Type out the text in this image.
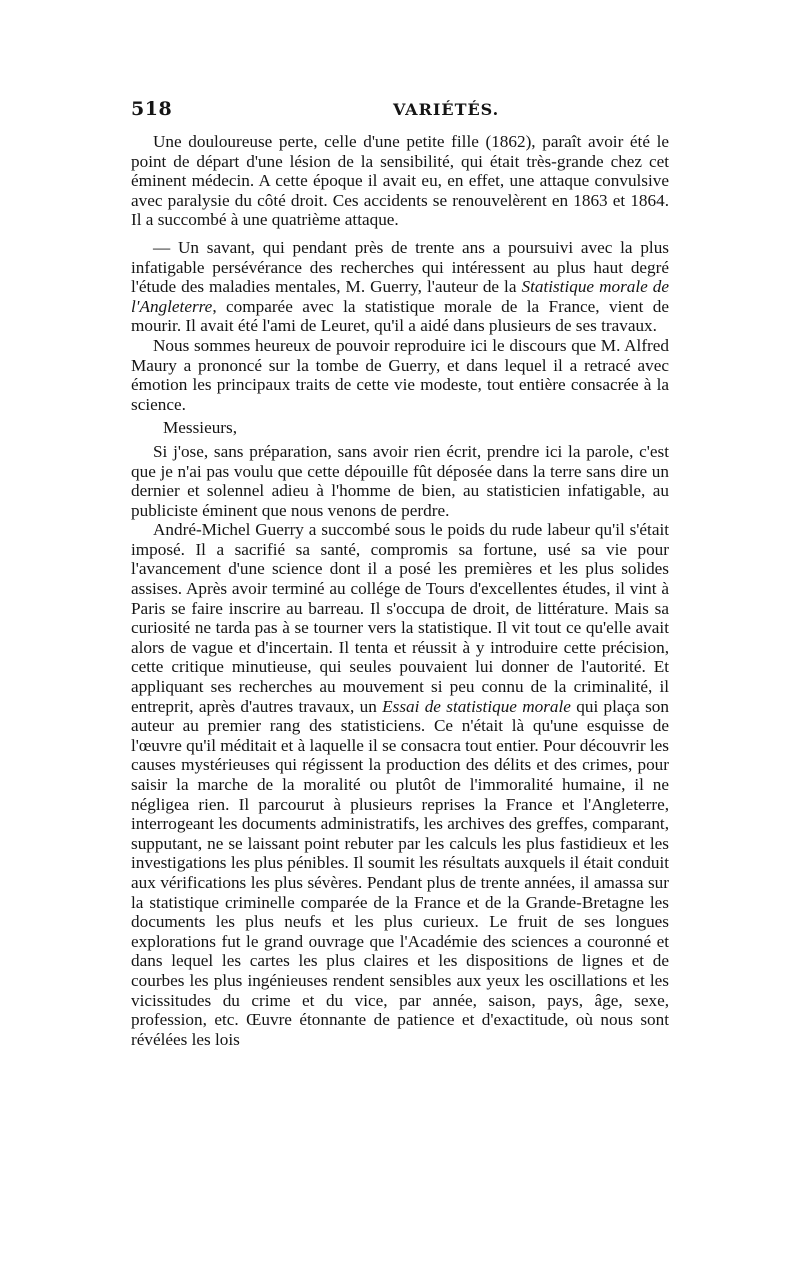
518	VARIÉTÉS.

Une douloureuse perte, celle d'une petite fille (1862), paraît avoir été le point de départ d'une lésion de la sensibilité, qui était très-grande chez cet éminent médecin. A cette époque il avait eu, en effet, une attaque convulsive avec paralysie du côté droit. Ces accidents se renouvelèrent en 1863 et 1864. Il a succombé à une quatrième attaque.

— Un savant, qui pendant près de trente ans a poursuivi avec la plus infatigable persévérance des recherches qui intéressent au plus haut degré l'étude des maladies mentales, M. Guerry, l'auteur de la Statistique morale de l'Angleterre, comparée avec la statistique morale de la France, vient de mourir. Il avait été l'ami de Leuret, qu'il a aidé dans plusieurs de ses travaux.

Nous sommes heureux de pouvoir reproduire ici le discours que M. Alfred Maury a prononcé sur la tombe de Guerry, et dans lequel il a retracé avec émotion les principaux traits de cette vie modeste, tout entière consacrée à la science.

Messieurs,

Si j'ose, sans préparation, sans avoir rien écrit, prendre ici la parole, c'est que je n'ai pas voulu que cette dépouille fût déposée dans la terre sans dire un dernier et solennel adieu à l'homme de bien, au statisticien infatigable, au publiciste éminent que nous venons de perdre.

André-Michel Guerry a succombé sous le poids du rude labeur qu'il s'était imposé. Il a sacrifié sa santé, compromis sa fortune, usé sa vie pour l'avancement d'une science dont il a posé les premières et les plus solides assises. Après avoir terminé au collége de Tours d'excellentes études, il vint à Paris se faire inscrire au barreau. Il s'occupa de droit, de littérature. Mais sa curiosité ne tarda pas à se tourner vers la statistique. Il vit tout ce qu'elle avait alors de vague et d'incertain. Il tenta et réussit à y introduire cette précision, cette critique minutieuse, qui seules pouvaient lui donner de l'autorité. Et appliquant ses recherches au mouvement si peu connu de la criminalité, il entreprit, après d'autres travaux, un Essai de statistique morale qui plaça son auteur au premier rang des statisticiens. Ce n'était là qu'une esquisse de l'œuvre qu'il méditait et à laquelle il se consacra tout entier. Pour découvrir les causes mystérieuses qui régissent la production des délits et des crimes, pour saisir la marche de la moralité ou plutôt de l'immoralité humaine, il ne négligea rien. Il parcourut à plusieurs reprises la France et l'Angleterre, interrogeant les documents administratifs, les archives des greffes, comparant, supputant, ne se laissant point rebuter par les calculs les plus fastidieux et les investigations les plus pénibles. Il soumit les résultats auxquels il était conduit aux vérifications les plus sévères. Pendant plus de trente années, il amassa sur la statistique criminelle comparée de la France et de la Grande-Bretagne les documents les plus neufs et les plus curieux. Le fruit de ses longues explorations fut le grand ouvrage que l'Académie des sciences a couronné et dans lequel les cartes les plus claires et les dispositions de lignes et de courbes les plus ingénieuses rendent sensibles aux yeux les oscillations et les vicissitudes du crime et du vice, par année, saison, pays, âge, sexe, profession, etc. Œuvre étonnante de patience et d'exactitude, où nous sont révélées les lois
